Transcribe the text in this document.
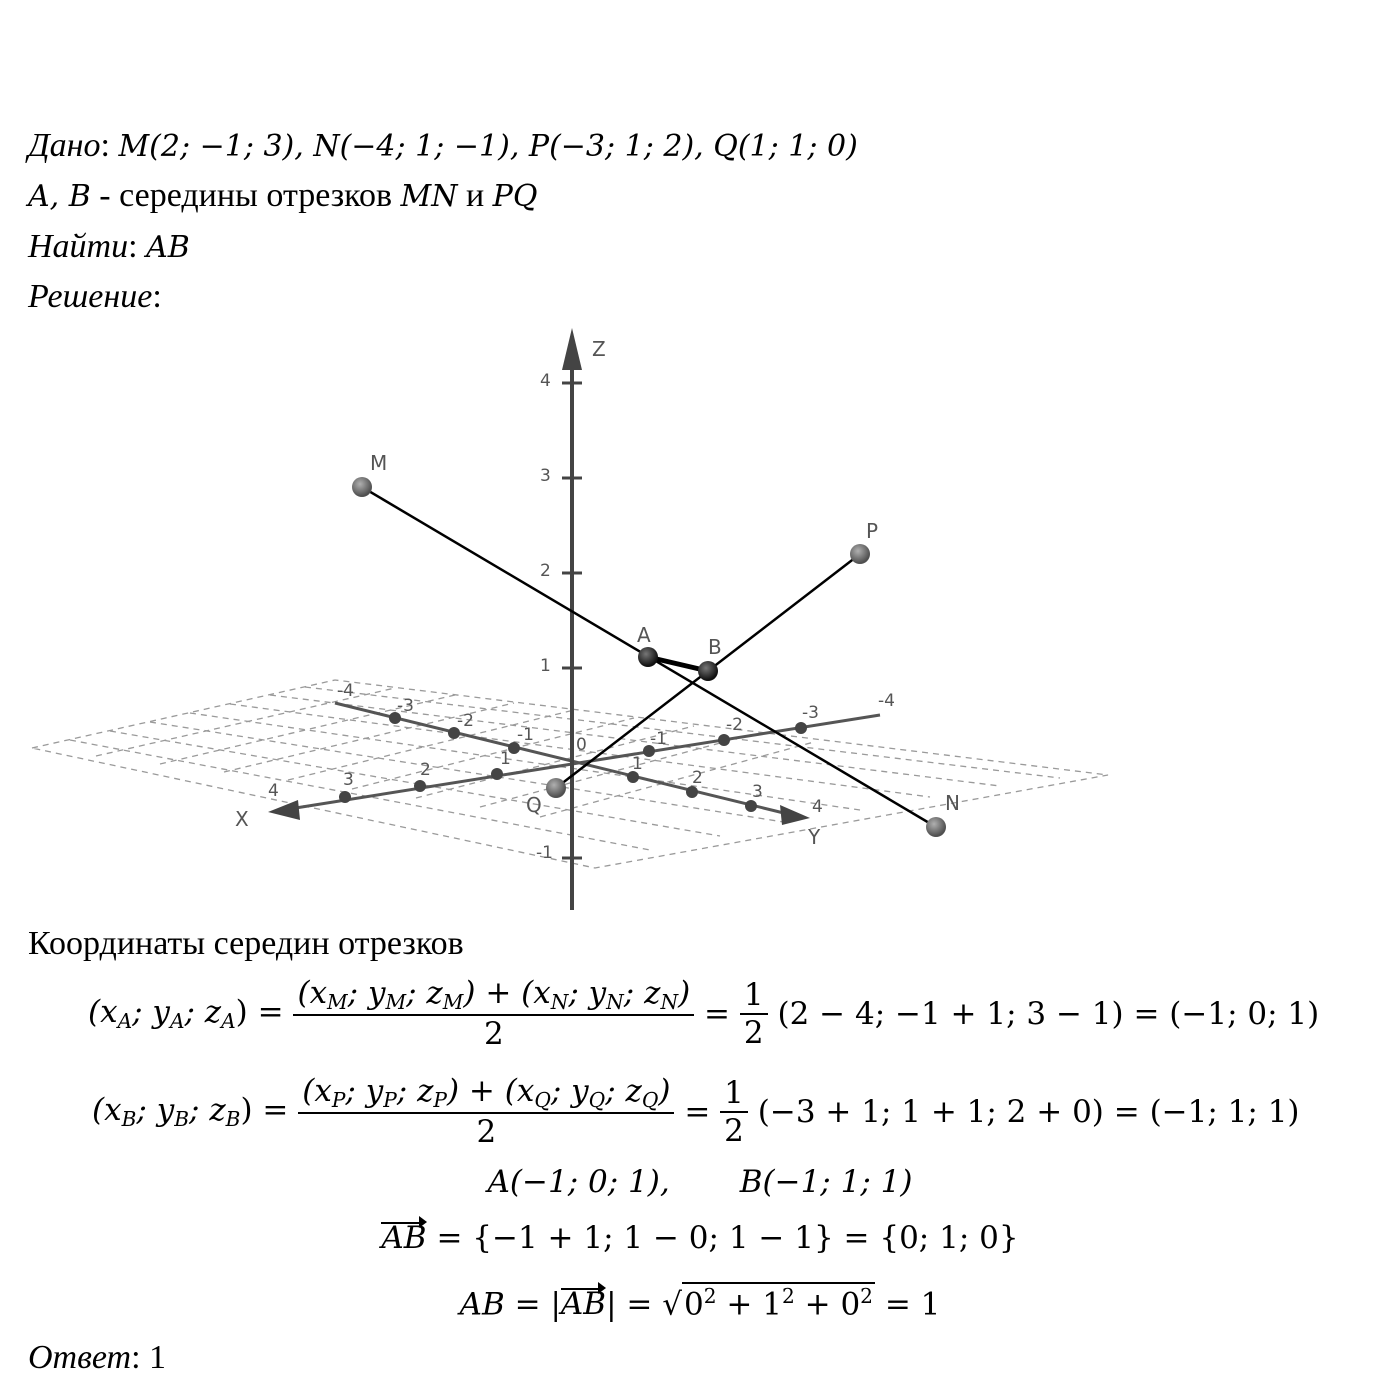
Дано: M(2; −1; 3), N(−4; 1; −1), P(−3; 1; 2), Q(1; 1; 0)
A, B - середины отрезков MN и PQ
Найти: AB
Решение:
4
3
2
1
-1
4
3	2
1	1
2
3
4
-4
-3
-2
-1	-1
-2
-3
-4
0
X
Y
Z
M
N
P
Q
A	B
Координаты середин отрезков
($x_A$; $y_A$; $z_A) = \frac{(x_M; y_M; z_M) + (x_N; y_N; z_N)}{2} = \frac{1}{2} (2 - 4$; −1 + 1; 3 − 1) = (−1; 0; 1)
($x_B$; $y_B$; $z_B) = \frac{(x_P; y_P; z_P) + (x_Q; y_Q; z_Q)}{2} = \frac{1}{2} (-3 + 1$; 1 + 1; 2 + 0) = (−1; 1; 1)
A(−1; 0; 1), B(−1; 1; 1)
AB = {−1 + 1; 1 − 0; 1 − 1} = {0; 1; 0}
AB = $|AB| = √0^2 + 1^2 + 0^2 = 1$
Ответ: 1
